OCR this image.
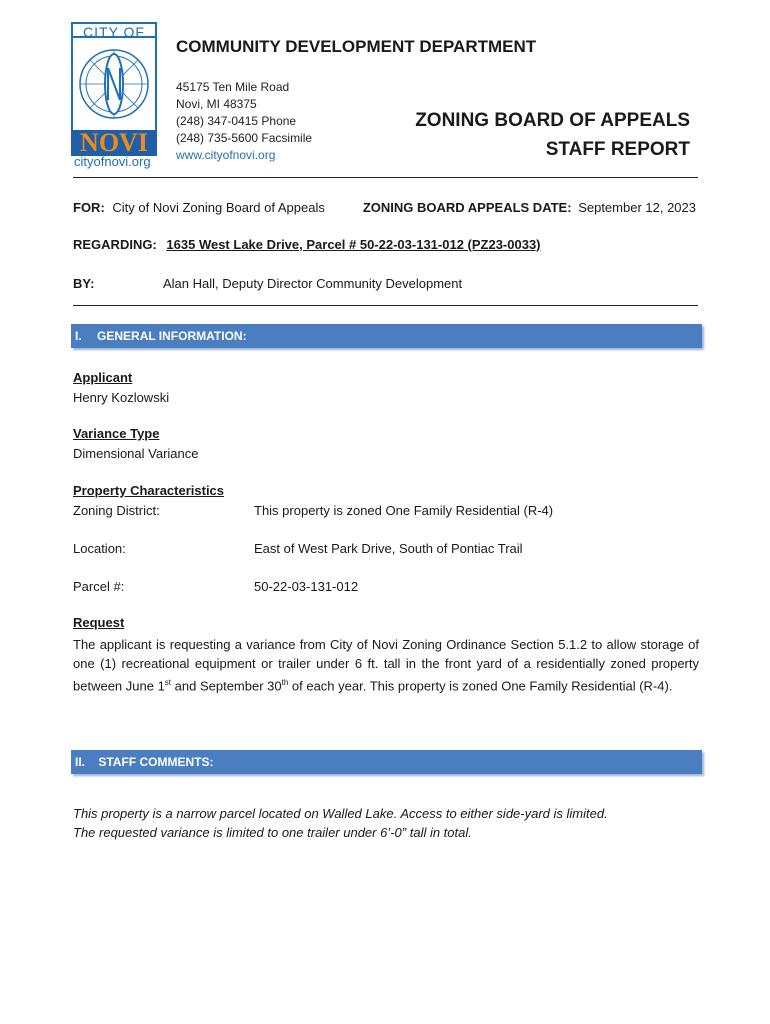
CITY OF
NOVI
cityofnovi.org
COMMUNITY DEVELOPMENT DEPARTMENT
45175 Ten Mile Road
Novi, MI 48375
(248) 347-0415 Phone
(248) 735-5600 Facsimile
www.cityofnovi.org
ZONING BOARD OF APPEALS
STAFF REPORT
FOR: City of Novi Zoning Board of Appeals	ZONING BOARD APPEALS DATE: September 12, 2023
REGARDING: 1635 West Lake Drive, Parcel # 50-22-03-131-012 (PZ23-0033)
BY:	Alan Hall, Deputy Director Community Development
I. GENERAL INFORMATION:
Applicant
Henry Kozlowski
Variance Type
Dimensional Variance
Property Characteristics
Zoning District:	This property is zoned One Family Residential (R-4)
Location:	East of West Park Drive, South of Pontiac Trail
Parcel #:	50-22-03-131-012
Request
The applicant is requesting a variance from City of Novi Zoning Ordinance Section 5.1.2 to allow storage of one (1) recreational equipment or trailer under 6 ft. tall in the front yard of a residentially zoned property between June 1st and September 30th of each year. This property is zoned One Family Residential (R-4).
II. STAFF COMMENTS:
This property is a narrow parcel located on Walled Lake. Access to either side-yard is limited.
The requested variance is limited to one trailer under 6’-0” tall in total.
